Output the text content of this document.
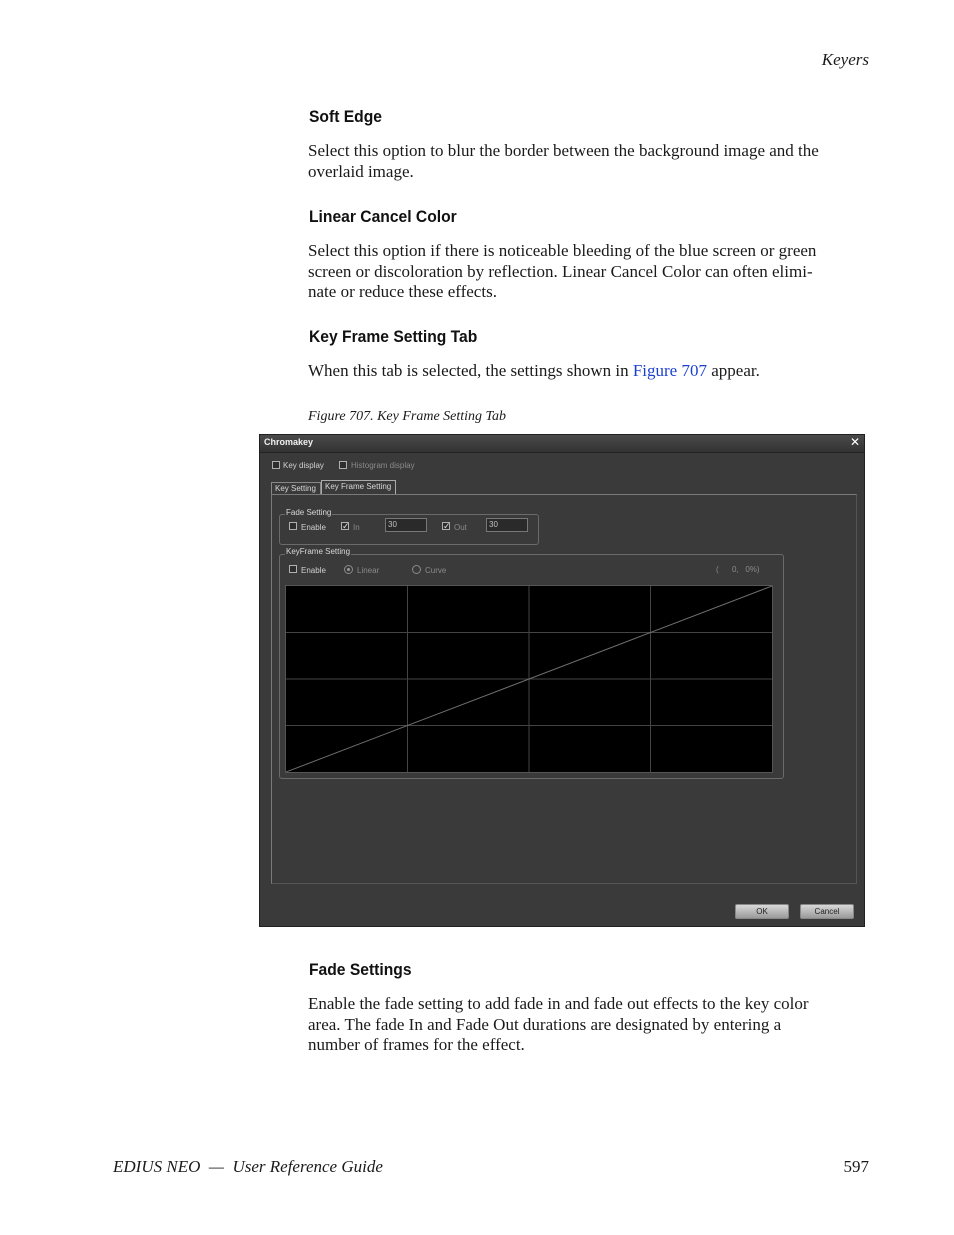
Keyers
Soft Edge
Select this option to blur the border between the background image and the
overlaid image.
Linear Cancel Color
Select this option if there is noticeable bleeding of the blue screen or green
screen or discoloration by reflection. Linear Cancel Color can often elimi-
nate or reduce these effects.
Key Frame Setting Tab
When this tab is selected, the settings shown in Figure 707 appear.
Figure 707. Key Frame Setting Tab
Chromakey	✕
Key display	Histogram display
Key Setting	Key Frame Setting
Fade Setting
Enable ✓ In	30	✓ Out	30
KeyFrame Setting
Enable	Linear	Curve	(      0,   0%)
OK	Cancel
Fade Settings
Enable the fade setting to add fade in and fade out effects to the key color
area. The fade In and Fade Out durations are designated by entering a
number of frames for the effect.
EDIUS NEO  —  User Reference Guide	597
